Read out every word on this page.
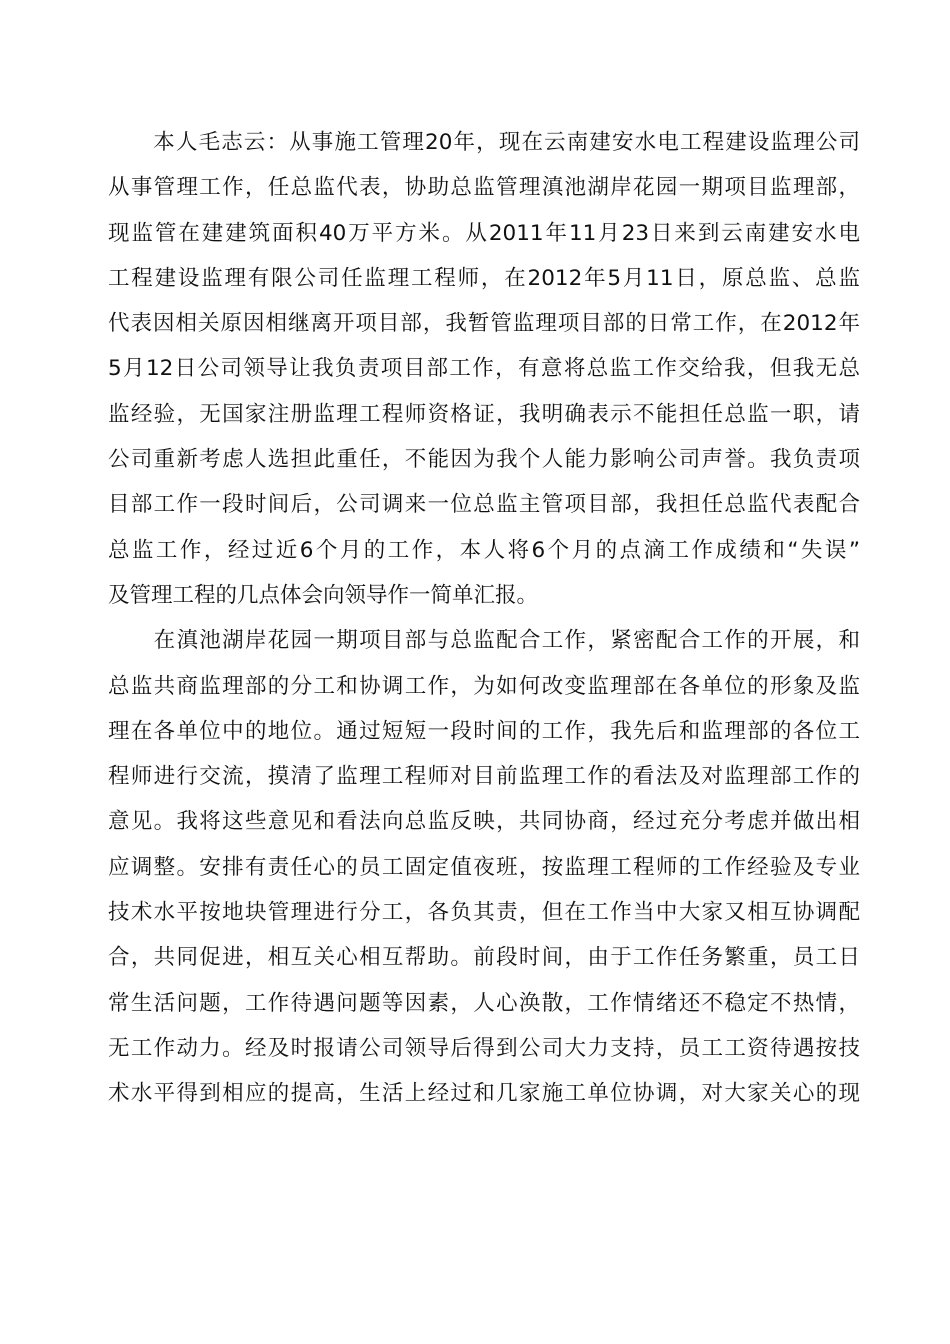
　　本人毛志云：从事施工管理20年，现在云南建安水电工程建设监理公司
从事管理工作，任总监代表，协助总监管理滇池湖岸花园一期项目监理部，
现监管在建建筑面积40万平方米。从2011年11月23日来到云南建安水电
工程建设监理有限公司任监理工程师，在2012年5月11日，原总监、总监
代表因相关原因相继离开项目部，我暂管监理项目部的日常工作，在2012年
5月12日公司领导让我负责项目部工作，有意将总监工作交给我，但我无总
监经验，无国家注册监理工程师资格证，我明确表示不能担任总监一职，请
公司重新考虑人选担此重任，不能因为我个人能力影响公司声誉。我负责项
目部工作一段时间后，公司调来一位总监主管项目部，我担任总监代表配合
总监工作，经过近6个月的工作，本人将6个月的点滴工作成绩和“失误”
及管理工程的几点体会向领导作一简单汇报。
　　在滇池湖岸花园一期项目部与总监配合工作，紧密配合工作的开展，和
总监共商监理部的分工和协调工作，为如何改变监理部在各单位的形象及监
理在各单位中的地位。通过短短一段时间的工作，我先后和监理部的各位工
程师进行交流，摸清了监理工程师对目前监理工作的看法及对监理部工作的
意见。我将这些意见和看法向总监反映，共同协商，经过充分考虑并做出相
应调整。安排有责任心的员工固定值夜班，按监理工程师的工作经验及专业
技术水平按地块管理进行分工，各负其责，但在工作当中大家又相互协调配
合，共同促进，相互关心相互帮助。前段时间，由于工作任务繁重，员工日
常生活问题，工作待遇问题等因素，人心涣散，工作情绪还不稳定不热情，
无工作动力。经及时报请公司领导后得到公司大力支持，员工工资待遇按技
术水平得到相应的提高，生活上经过和几家施工单位协调，对大家关心的现
